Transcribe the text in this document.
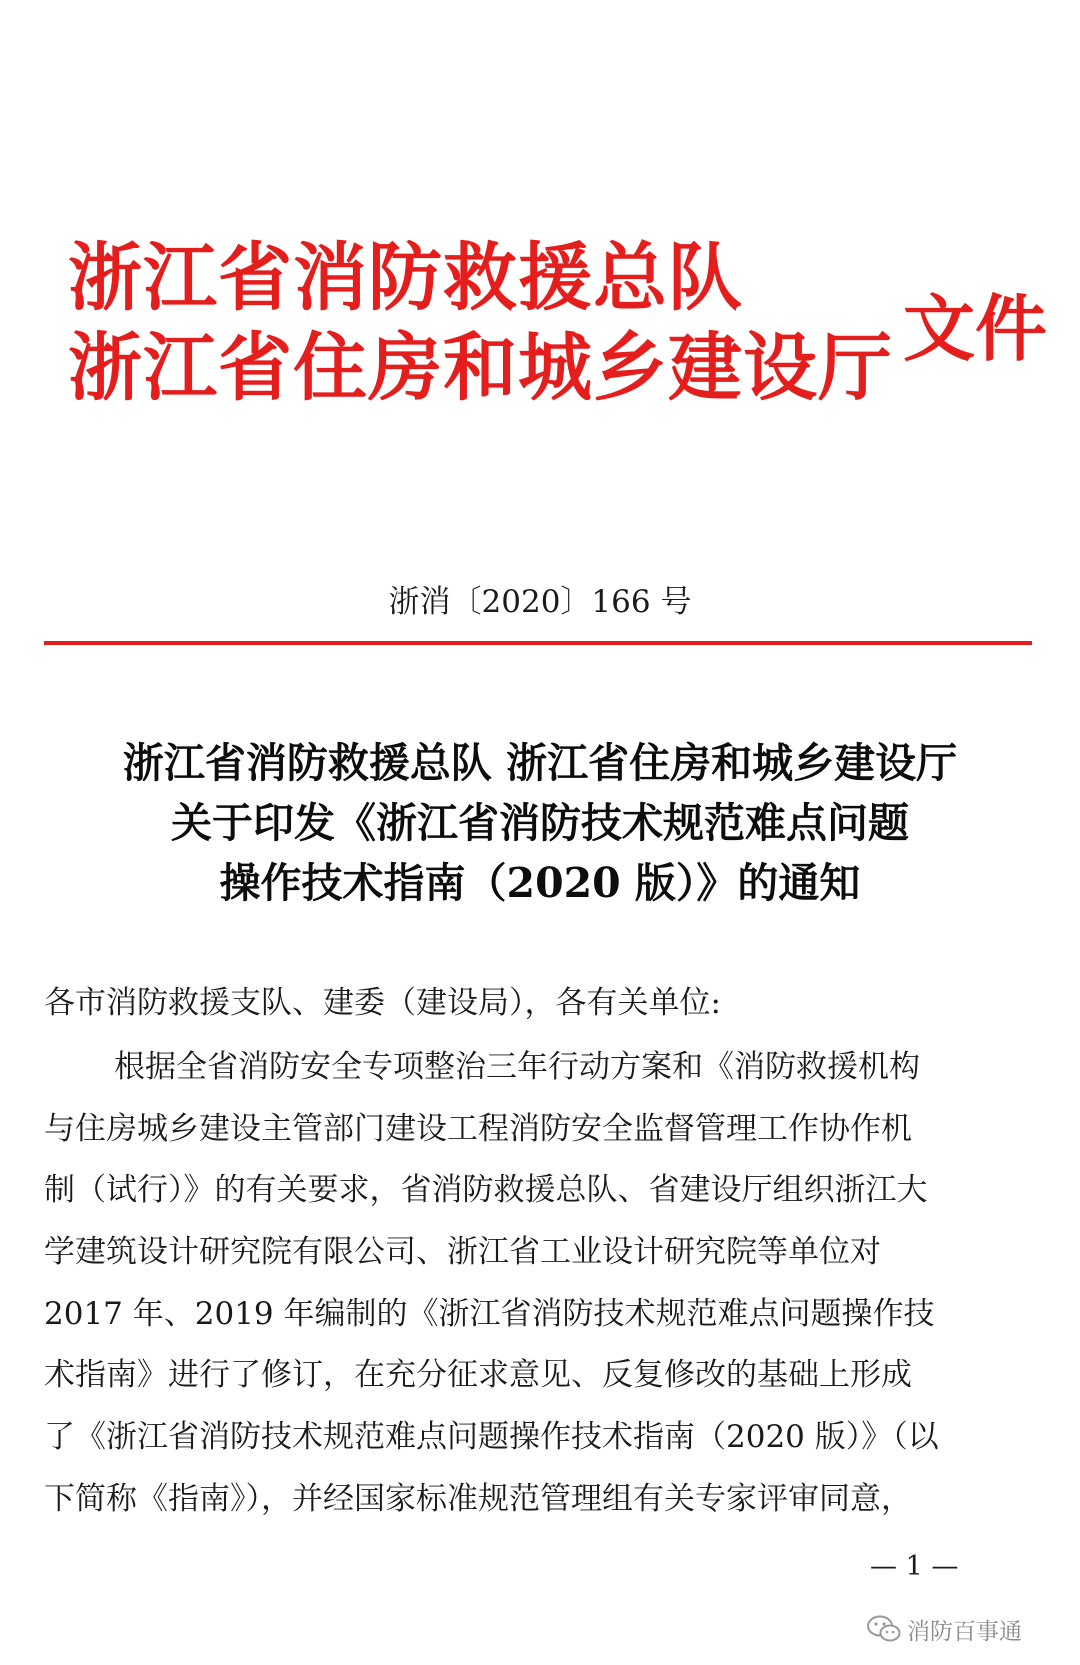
浙江省消防救援总队
浙江省住房和城乡建设厅 文件
浙消〔2020〕166 号
浙江省消防救援总队 浙江省住房和城乡建设厅
关于印发《浙江省消防技术规范难点问题
操作技术指南（2020 版）》的通知
各市消防救援支队、建委（建设局），各有关单位:
根据全省消防安全专项整治三年行动方案和《消防救援机构
与住房城乡建设主管部门建设工程消防安全监督管理工作协作机
制（试行）》的有关要求，省消防救援总队、省建设厅组织浙江大
学建筑设计研究院有限公司、浙江省工业设计研究院等单位对
2017 年、2019 年编制的《浙江省消防技术规范难点问题操作技
术指南》进行了修订，在充分征求意见、反复修改的基础上形成
了《浙江省消防技术规范难点问题操作技术指南（2020 版）》（以
下简称《指南》），并经国家标准规范管理组有关专家评审同意，
— 1 —
消防百事通
